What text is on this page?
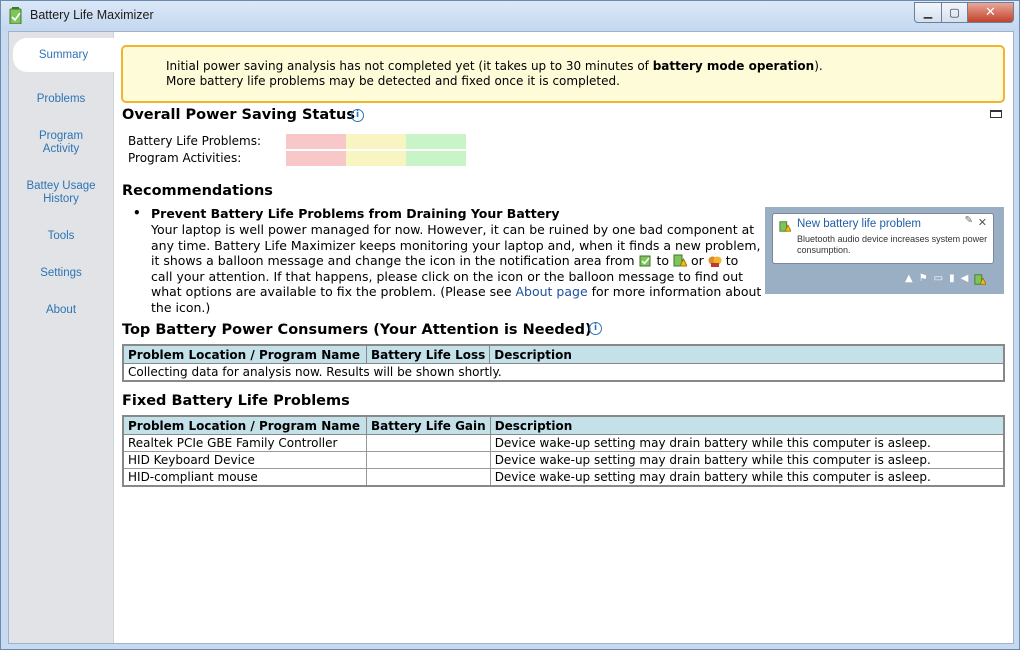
Battery Life Maximizer	▁ ▢ ✕
Summary
Problems
Program Activity
Battey Usage History
Tools
Settings
About
Initial power saving analysis has not completed yet (it takes up to 30 minutes of battery mode operation).
More battery life problems may be detected and fixed once it is completed.
Overall Power Saving Status i
Battery Life Problems:
Program Activities:
Recommendations
• Prevent Battery Life Problems from Draining Your Battery
Your laptop is well power managed for now. However, it can be ruined by one bad component at any time. Battery Life Maximizer keeps monitoring your laptop and, when it finds a new problem, it shows a balloon message and change the icon in the notification area from  to  or  to call your attention. If that happens, please click on the icon or the balloon message to find out what options are available to fix the problem. (Please see About page for more information about the icon.)
New battery life problem
Bluetooth audio device increases system power consumption.
✎ ✕
▲ ⚑ ▭ ▮ ◀
Top Battery Power Consumers (Your Attention is Needed) i
Problem Location / Program Name	Battery Life Loss	Description
Collecting data for analysis now. Results will be shown shortly.
Fixed Battery Life Problems
Problem Location / Program Name	Battery Life Gain	Description
Realtek PCIe GBE Family Controller		Device wake-up setting may drain battery while this computer is asleep.
HID Keyboard Device		Device wake-up setting may drain battery while this computer is asleep.
HID-compliant mouse		Device wake-up setting may drain battery while this computer is asleep.
